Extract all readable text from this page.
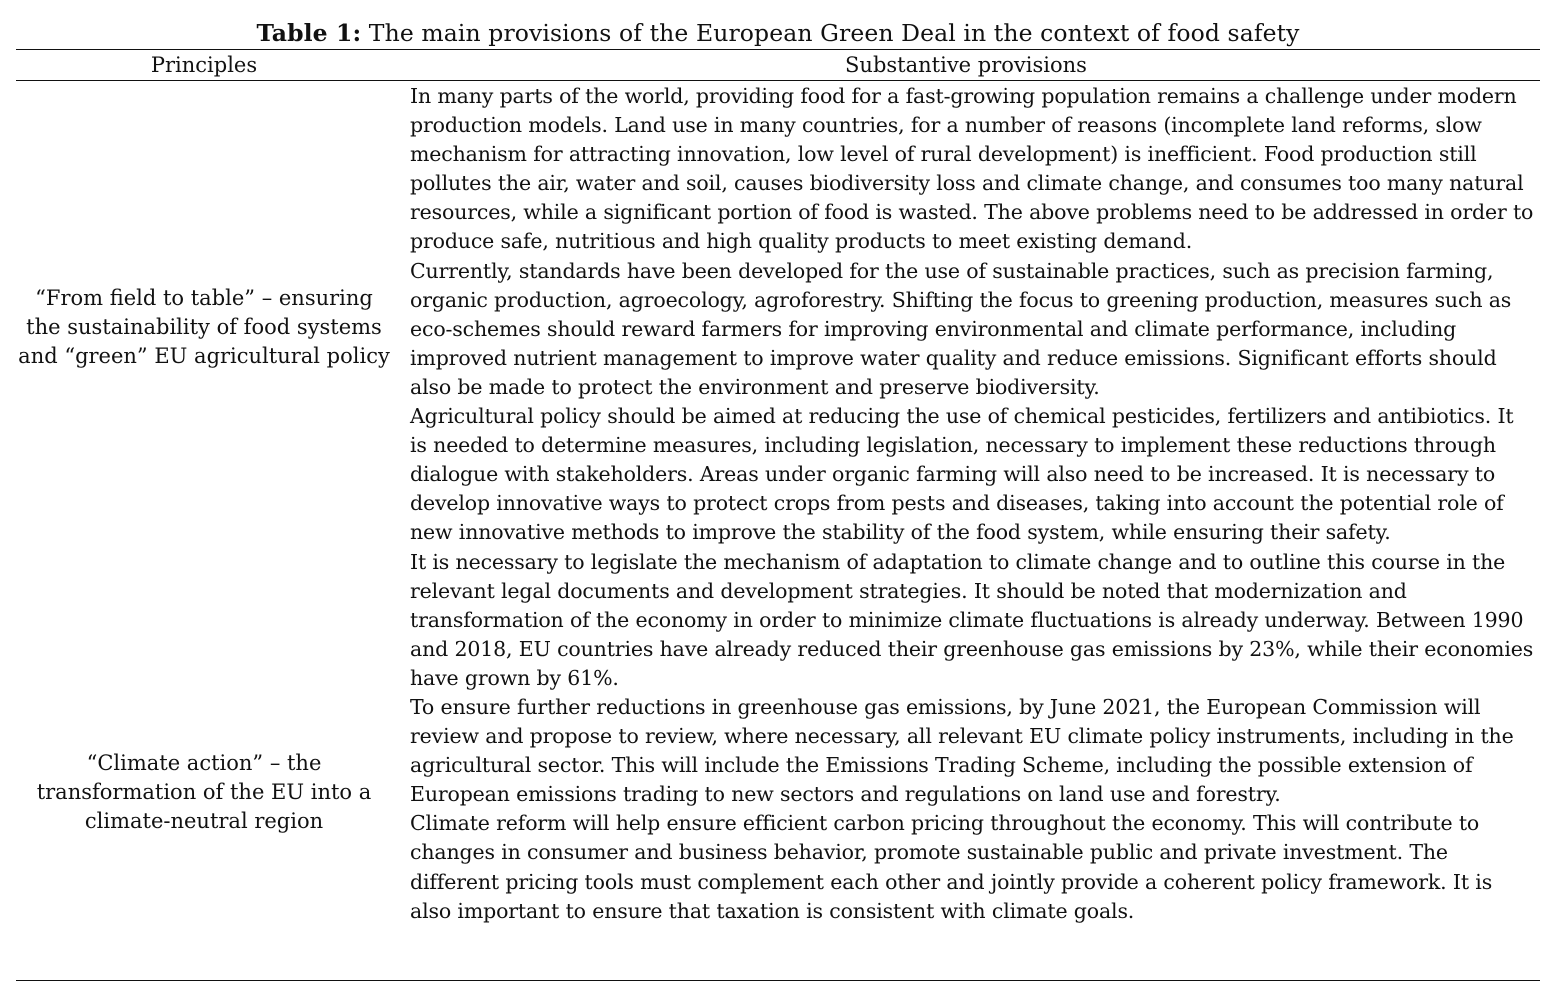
Table 1: The main provisions of the European Green Deal in the context of food safety
Principles	Substantive provisions
“From field to table” – ensuring the sustainability of food systems and “green” EU agricultural policy
“Climate action” – the transformation of the EU into a climate-neutral region

In many parts of the world, providing food for a fast-growing population remains a challenge under modern production models. Land use in many countries, for a number of reasons (incomplete land reforms, slow mechanism for attracting innovation, low level of rural development) is inefficient. Food production still pollutes the air, water and soil, causes biodiversity loss and climate change, and consumes too many natural resources, while a significant portion of food is wasted. The above problems need to be addressed in order to produce safe, nutritious and high quality products to meet existing demand.

Currently, standards have been developed for the use of sustainable practices, such as precision farming, organic production, agroecology, agroforestry. Shifting the focus to greening production, measures such as eco-schemes should reward farmers for improving environmental and climate performance, including improved nutrient management to improve water quality and reduce emissions. Significant efforts should also be made to protect the environment and preserve biodiversity.

Agricultural policy should be aimed at reducing the use of chemical pesticides, fertilizers and antibiotics. It is needed to determine measures, including legislation, necessary to implement these reductions through dialogue with stakeholders. Areas under organic farming will also need to be increased. It is necessary to develop innovative ways to protect crops from pests and diseases, taking into account the potential role of new innovative methods to improve the stability of the food system, while ensuring their safety.

It is necessary to legislate the mechanism of adaptation to climate change and to outline this course in the relevant legal documents and development strategies. It should be noted that modernization and transformation of the economy in order to minimize climate fluctuations is already underway. Between 1990 and 2018, EU countries have already reduced their greenhouse gas emissions by 23%, while their economies have grown by 61%.

To ensure further reductions in greenhouse gas emissions, by June 2021, the European Commission will review and propose to review, where necessary, all relevant EU climate policy instruments, including in the agricultural sector. This will include the Emissions Trading Scheme, including the possible extension of European emissions trading to new sectors and regulations on land use and forestry.

Climate reform will help ensure efficient carbon pricing throughout the economy. This will contribute to changes in consumer and business behavior, promote sustainable public and private investment. The different pricing tools must complement each other and jointly provide a coherent policy framework. It is also important to ensure that taxation is consistent with climate goals.
